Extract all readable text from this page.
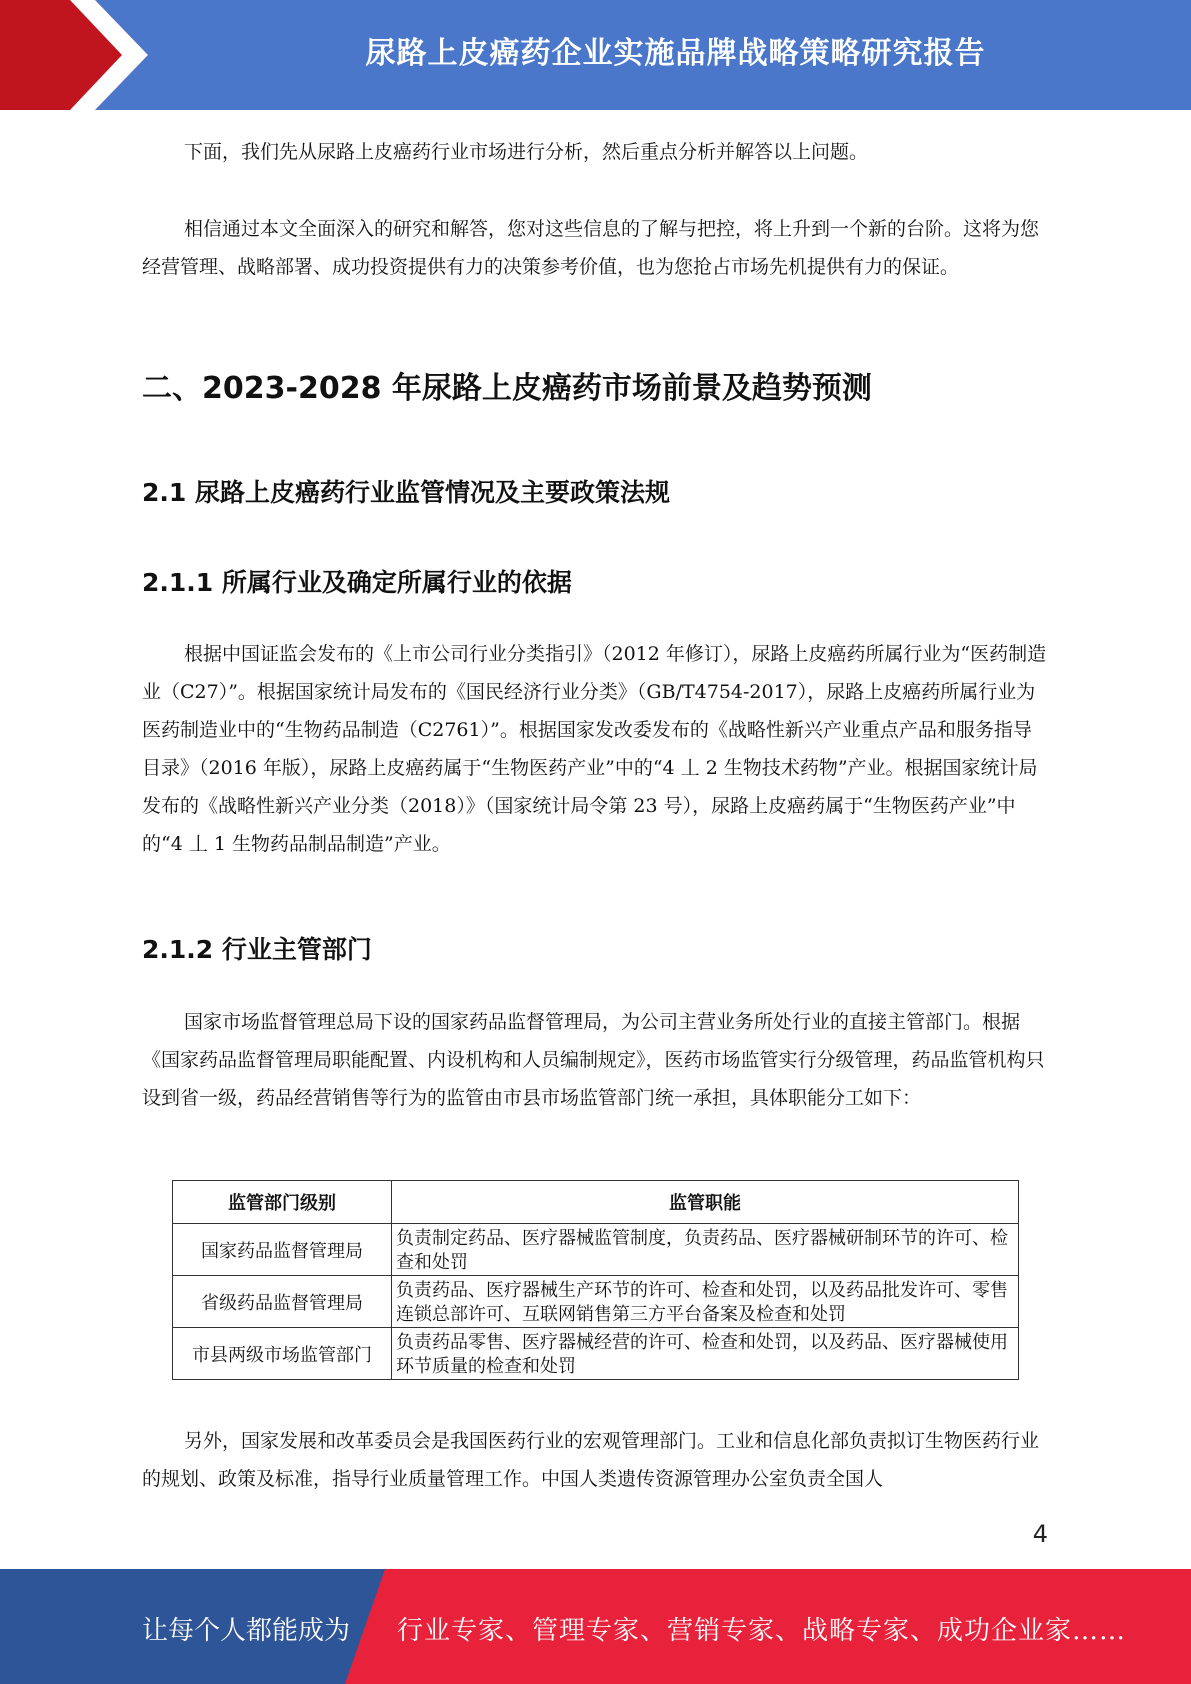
尿路上皮癌药企业实施品牌战略策略研究报告

下面，我们先从尿路上皮癌药行业市场进行分析，然后重点分析并解答以上问题。

相信通过本文全面深入的研究和解答，您对这些信息的了解与把控，将上升到一个新的台阶。这将为您经营管理、战略部署、成功投资提供有力的决策参考价值，也为您抢占市场先机提供有力的保证。

二、2023-2028 年尿路上皮癌药市场前景及趋势预测
2.1 尿路上皮癌药行业监管情况及主要政策法规
2.1.1 所属行业及确定所属行业的依据

根据中国证监会发布的《上市公司行业分类指引》（2012 年修订），尿路上皮癌药所属行业为“医药制造业（C27）”。根据国家统计局发布的《国民经济行业分类》（GB/T4754-2017），尿路上皮癌药所属行业为医药制造业中的“生物药品制造（C2761）”。根据国家发改委发布的《战略性新兴产业重点产品和服务指导目录》（2016 年版），尿路上皮癌药属于“生物医药产业”中的“4 丄 2 生物技术药物”产业。根据国家统计局发布的《战略性新兴产业分类（2018）》（国家统计局令第 23 号），尿路上皮癌药属于“生物医药产业”中的“4 丄 1 生物药品制品制造”产业。

2.1.2 行业主管部门

国家市场监督管理总局下设的国家药品监督管理局，为公司主营业务所处行业的直接主管部门。根据《国家药品监督管理局职能配置、内设机构和人员编制规定》，医药市场监管实行分级管理，药品监管机构只设到省一级，药品经营销售等行为的监管由市县市场监管部门统一承担，具体职能分工如下：

监管部门级别	监管职能
国家药品监督管理局	负责制定药品、医疗器械监管制度，负责药品、医疗器械研制环节的许可、检查和处罚
省级药品监督管理局	负责药品、医疗器械生产环节的许可、检查和处罚，以及药品批发许可、零售连锁总部许可、互联网销售第三方平台备案及检查和处罚
市县两级市场监管部门	负责药品零售、医疗器械经营的许可、检查和处罚，以及药品、医疗器械使用环节质量的检查和处罚

另外，国家发展和改革委员会是我国医药行业的宏观管理部门。工业和信息化部负责拟订生物医药行业的规划、政策及标准，指导行业质量管理工作。中国人类遗传资源管理办公室负责全国人

4
让每个人都能成为 行业专家、管理专家、营销专家、战略专家、成功企业家……
